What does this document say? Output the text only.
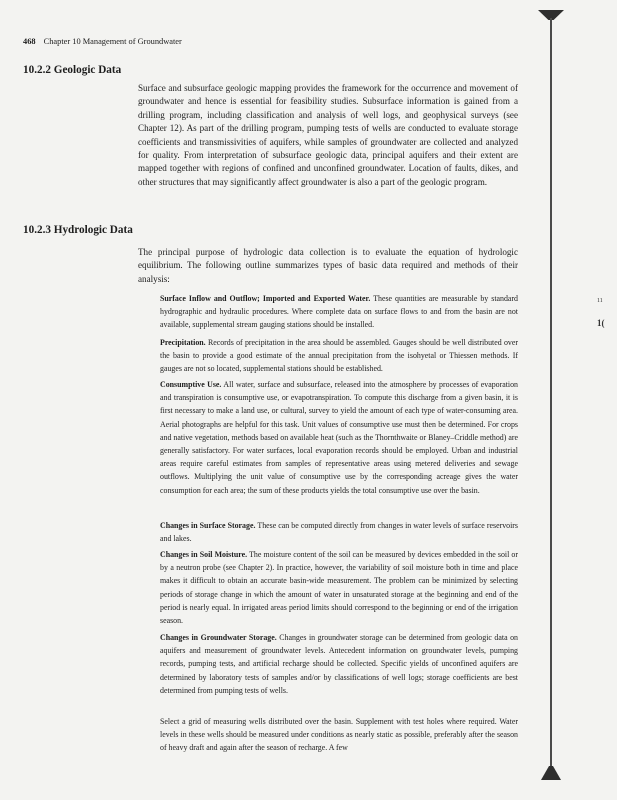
468 Chapter 10 Management of Groundwater
10.2.2 Geologic Data
Surface and subsurface geologic mapping provides the framework for the occurrence and movement of groundwater and hence is essential for feasibility studies. Subsurface information is gained from a drilling program, including classification and analysis of well logs, and geophysical surveys (see Chapter 12). As part of the drilling program, pumping tests of wells are conducted to evaluate storage coefficients and transmissivities of aquifers, while samples of groundwater are collected and analyzed for quality. From interpretation of subsurface geologic data, principal aquifers and their extent are mapped together with regions of confined and unconfined groundwater. Location of faults, dikes, and other structures that may significantly affect groundwater is also a part of the geologic program.
10.2.3 Hydrologic Data
The principal purpose of hydrologic data collection is to evaluate the equation of hydrologic equilibrium. The following outline summarizes types of basic data required and methods of their analysis:
Surface Inflow and Outflow; Imported and Exported Water. These quantities are measurable by standard hydrographic and hydraulic procedures. Where complete data on surface flows to and from the basin are not available, supplemental stream gauging stations should be installed.
Precipitation. Records of precipitation in the area should be assembled. Gauges should be well distributed over the basin to provide a good estimate of the annual precipitation from the isohyetal or Thiessen methods. If gauges are not so located, supplemental stations should be established.
Consumptive Use. All water, surface and subsurface, released into the atmosphere by processes of evaporation and transpiration is consumptive use, or evapotranspiration. To compute this discharge from a given basin, it is first necessary to make a land use, or cultural, survey to yield the amount of each type of water-consuming area. Aerial photographs are helpful for this task. Unit values of consumptive use must then be determined. For crops and native vegetation, methods based on available heat (such as the Thornthwaite or Blaney–Criddle method) are generally satisfactory. For water surfaces, local evaporation records should be employed. Urban and industrial areas require careful estimates from samples of representative areas using metered deliveries and sewage outflows. Multiplying the unit value of consumptive use by the corresponding acreage gives the water consumption for each area; the sum of these products yields the total consumptive use over the basin.
Changes in Surface Storage. These can be computed directly from changes in water levels of surface reservoirs and lakes.
Changes in Soil Moisture. The moisture content of the soil can be measured by devices embedded in the soil or by a neutron probe (see Chapter 2). In practice, however, the variability of soil moisture both in time and place makes it difficult to obtain an accurate basin-wide measurement. The problem can be minimized by selecting periods of storage change in which the amount of water in unsaturated storage at the beginning and end of the period is nearly equal. In irrigated areas period limits should correspond to the beginning or end of the irrigation season.
Changes in Groundwater Storage. Changes in groundwater storage can be determined from geologic data on aquifers and measurement of groundwater levels. Antecedent information on groundwater levels, pumping records, pumping tests, and artificial recharge should be collected. Specific yields of unconfined aquifers are determined by laboratory tests of samples and/or by classifications of well logs; storage coefficients are best determined from pumping tests of wells.
Select a grid of measuring wells distributed over the basin. Supplement with test holes where required. Water levels in these wells should be measured under conditions as nearly static as possible, preferably after the season of heavy draft and again after the season of recharge. A few
11
1(
